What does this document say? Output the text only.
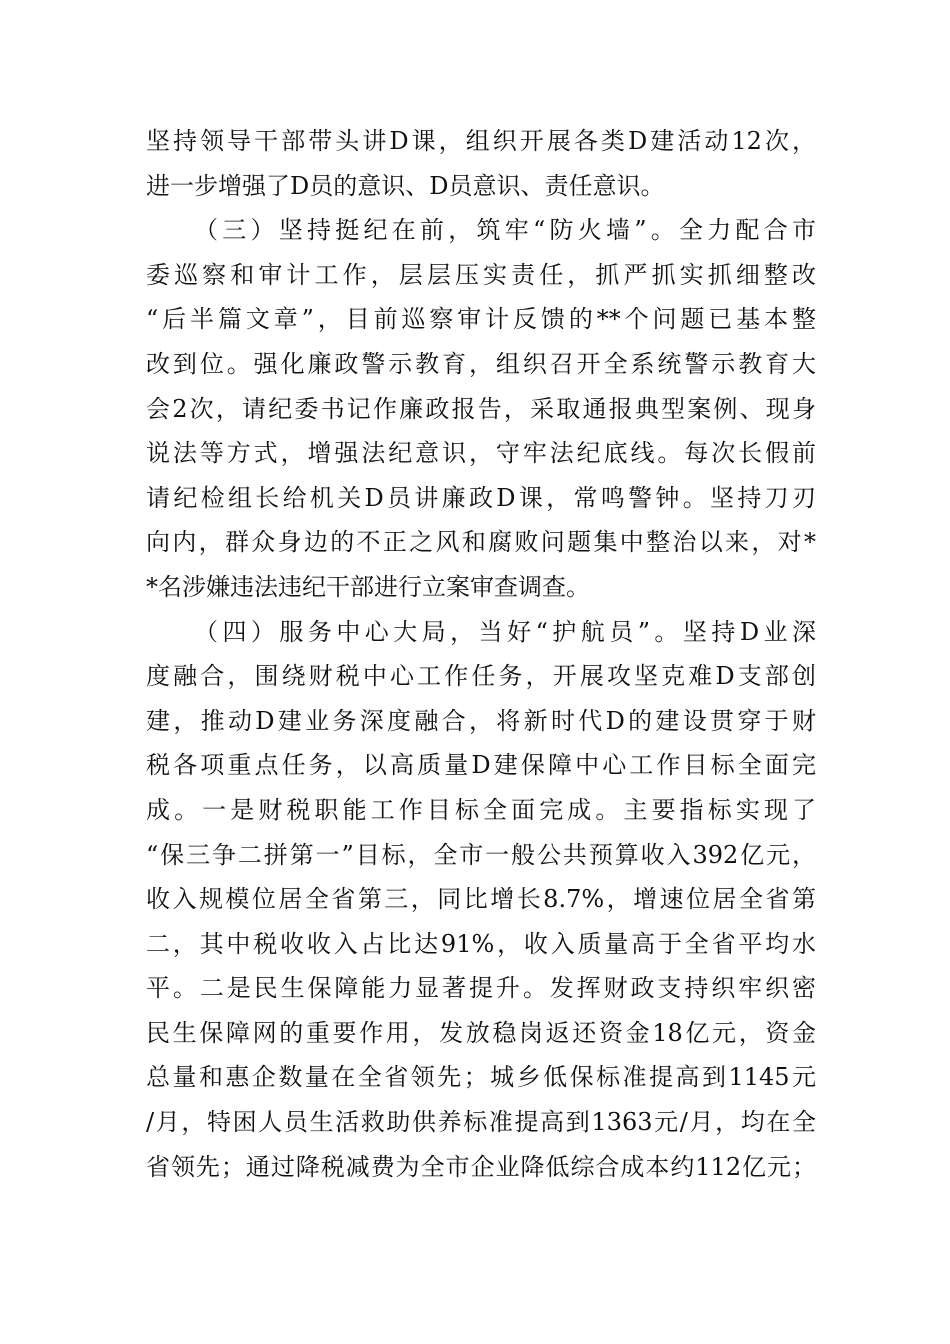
坚持领导干部带头讲D课，组织开展各类D建活动12次，
进一步增强了D员的意识、D员意识、责任意识。
（三）坚持挺纪在前，筑牢“防火墙”。全力配合市
委巡察和审计工作，层层压实责任，抓严抓实抓细整改
“后半篇文章”，目前巡察审计反馈的**个问题已基本整
改到位。强化廉政警示教育，组织召开全系统警示教育大
会2次，请纪委书记作廉政报告，采取通报典型案例、现身
说法等方式，增强法纪意识，守牢法纪底线。每次长假前
请纪检组长给机关D员讲廉政D课，常鸣警钟。坚持刀刃
向内，群众身边的不正之风和腐败问题集中整治以来，对*
*名涉嫌违法违纪干部进行立案审查调查。
（四）服务中心大局，当好“护航员”。坚持D业深
度融合，围绕财税中心工作任务，开展攻坚克难D支部创
建，推动D建业务深度融合，将新时代D的建设贯穿于财
税各项重点任务，以高质量D建保障中心工作目标全面完
成。一是财税职能工作目标全面完成。主要指标实现了
“保三争二拼第一”目标，全市一般公共预算收入392亿元，
收入规模位居全省第三，同比增长8.7%，增速位居全省第
二，其中税收收入占比达91%，收入质量高于全省平均水
平。二是民生保障能力显著提升。发挥财政支持织牢织密
民生保障网的重要作用，发放稳岗返还资金18亿元，资金
总量和惠企数量在全省领先；城乡低保标准提高到1145元
/月，特困人员生活救助供养标准提高到1363元/月，均在全
省领先；通过降税减费为全市企业降低综合成本约112亿元；
